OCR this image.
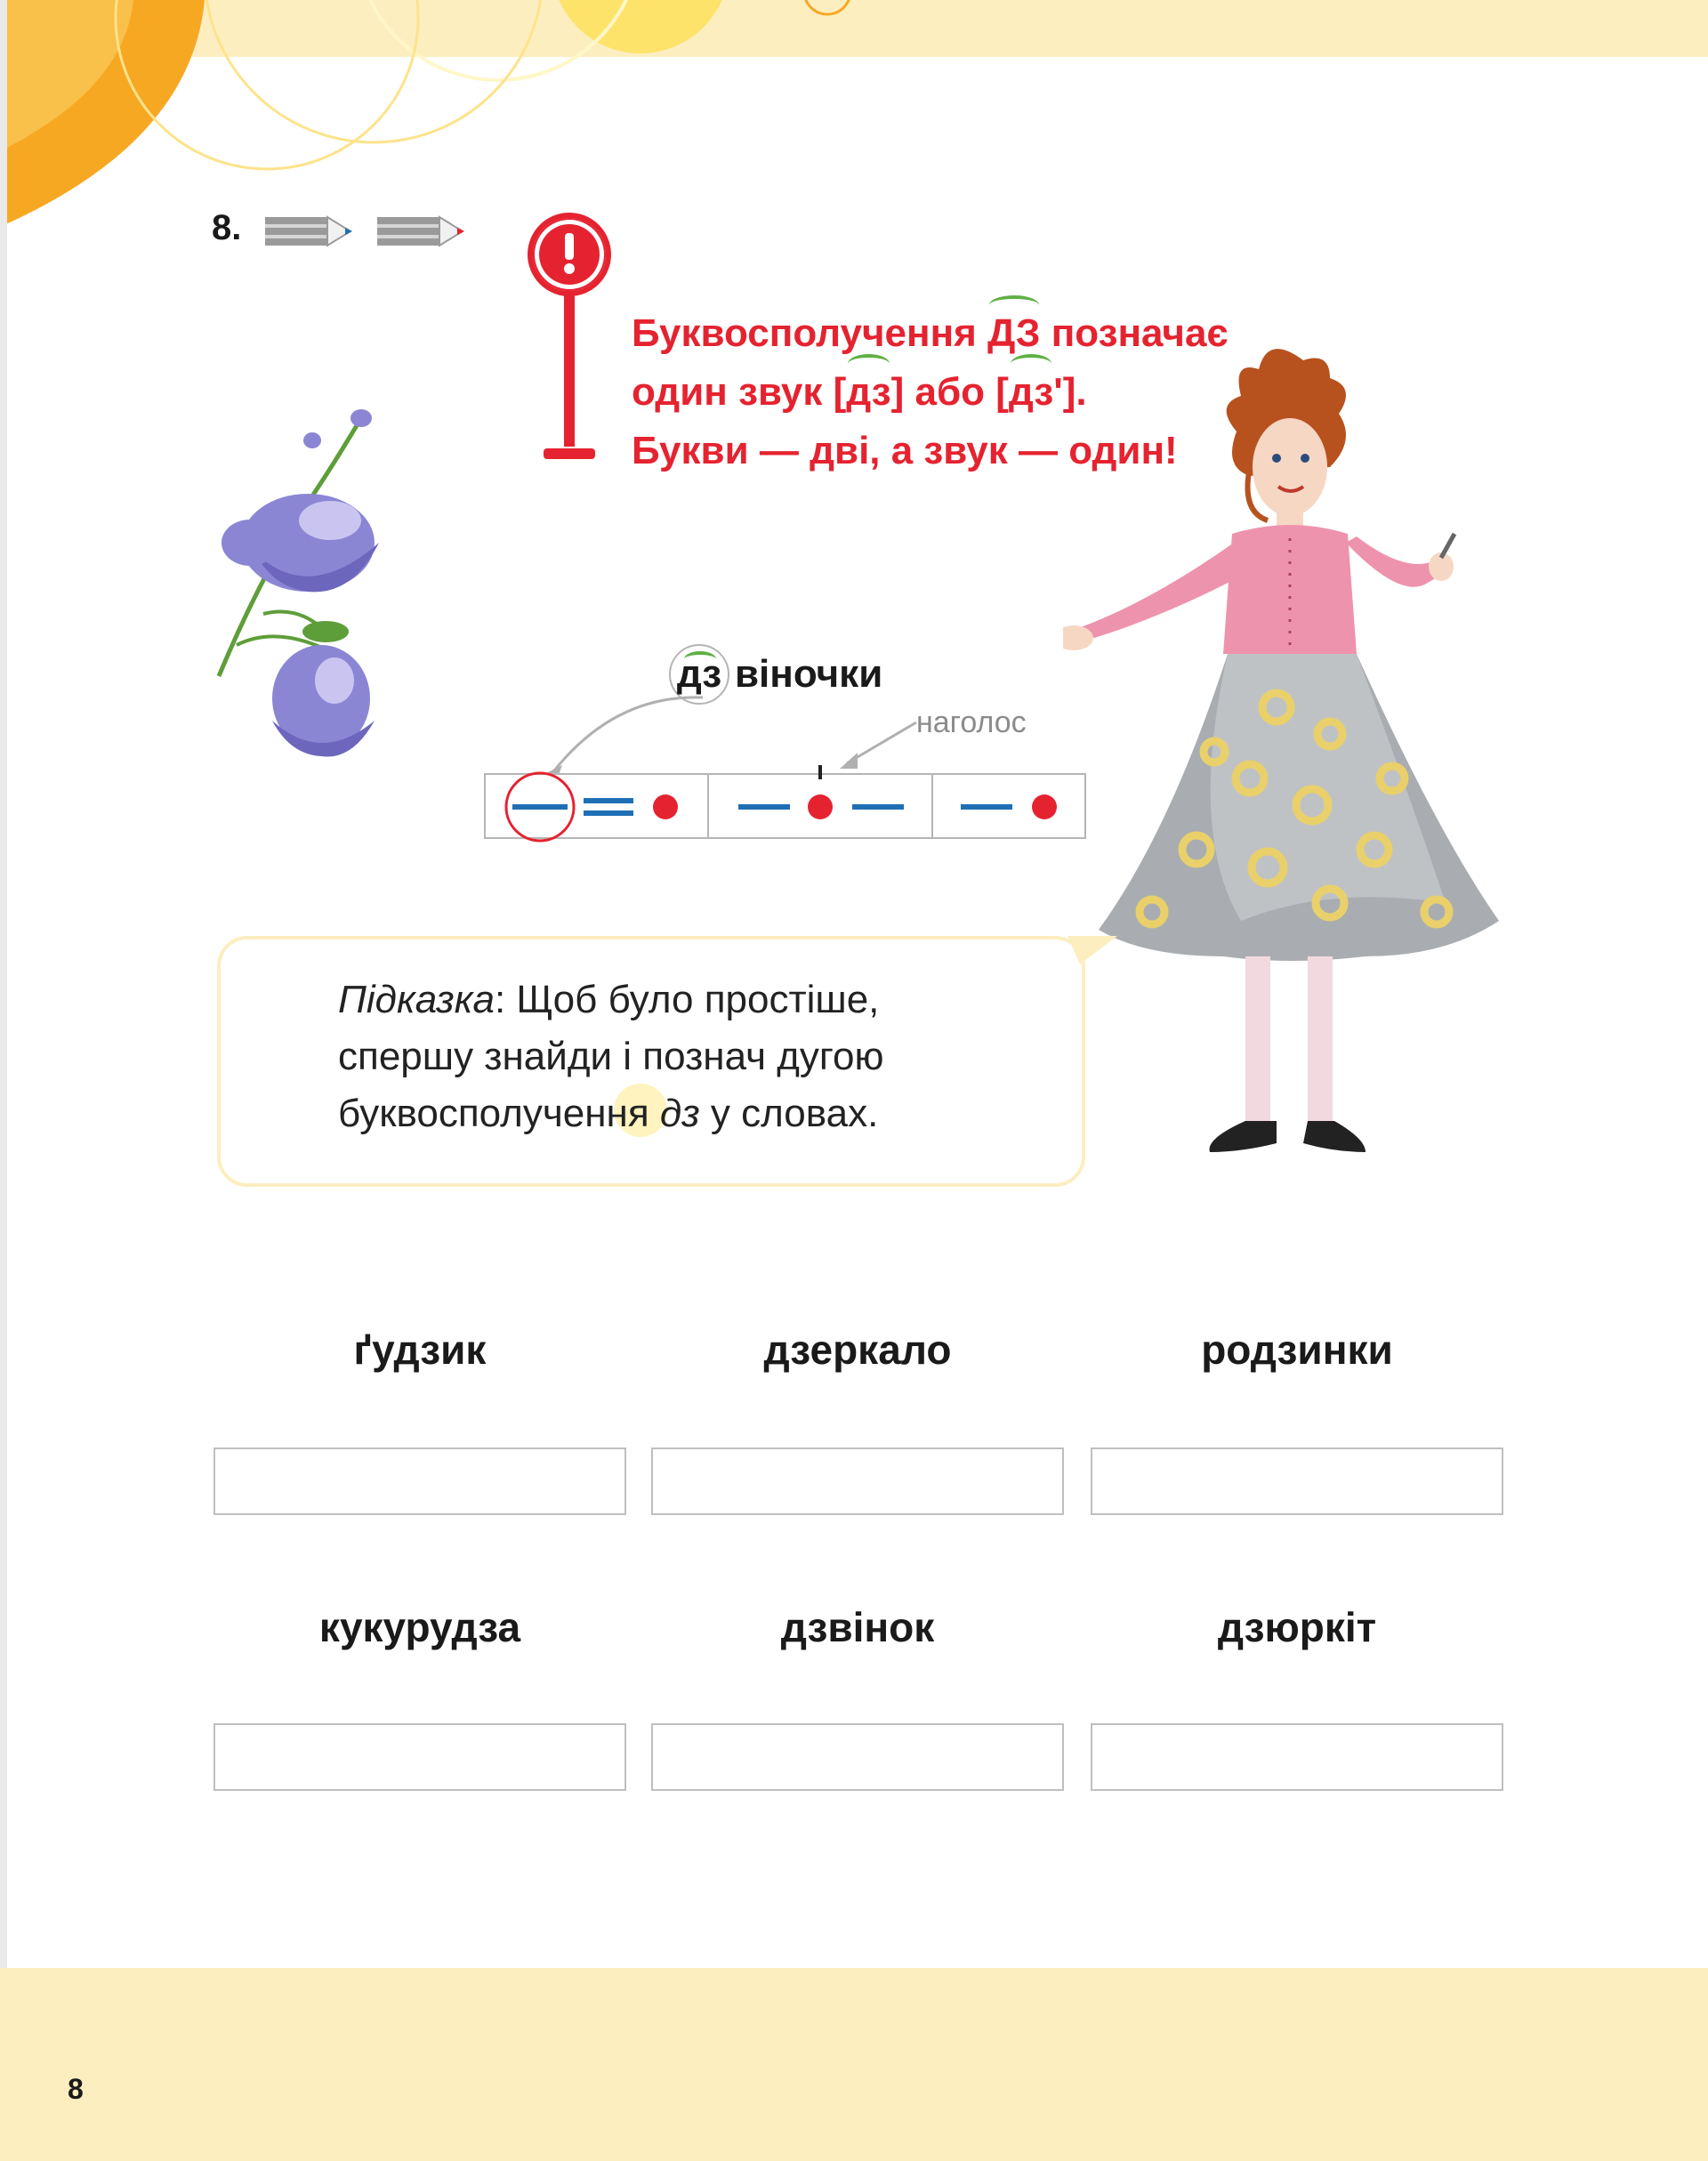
8.
Буквосполучення ДЗ позначає
один звук [дз] або [дз'].
Букви — дві, а звук — один!
дз віночки
наголос
Підказка: Щоб було простіше,
спершу знайди і познач дугою
буквосполучення дз у словах.
ґудзик	дзеркало	родзинки
кукурудза	дзвінок	дзюркіт
8
